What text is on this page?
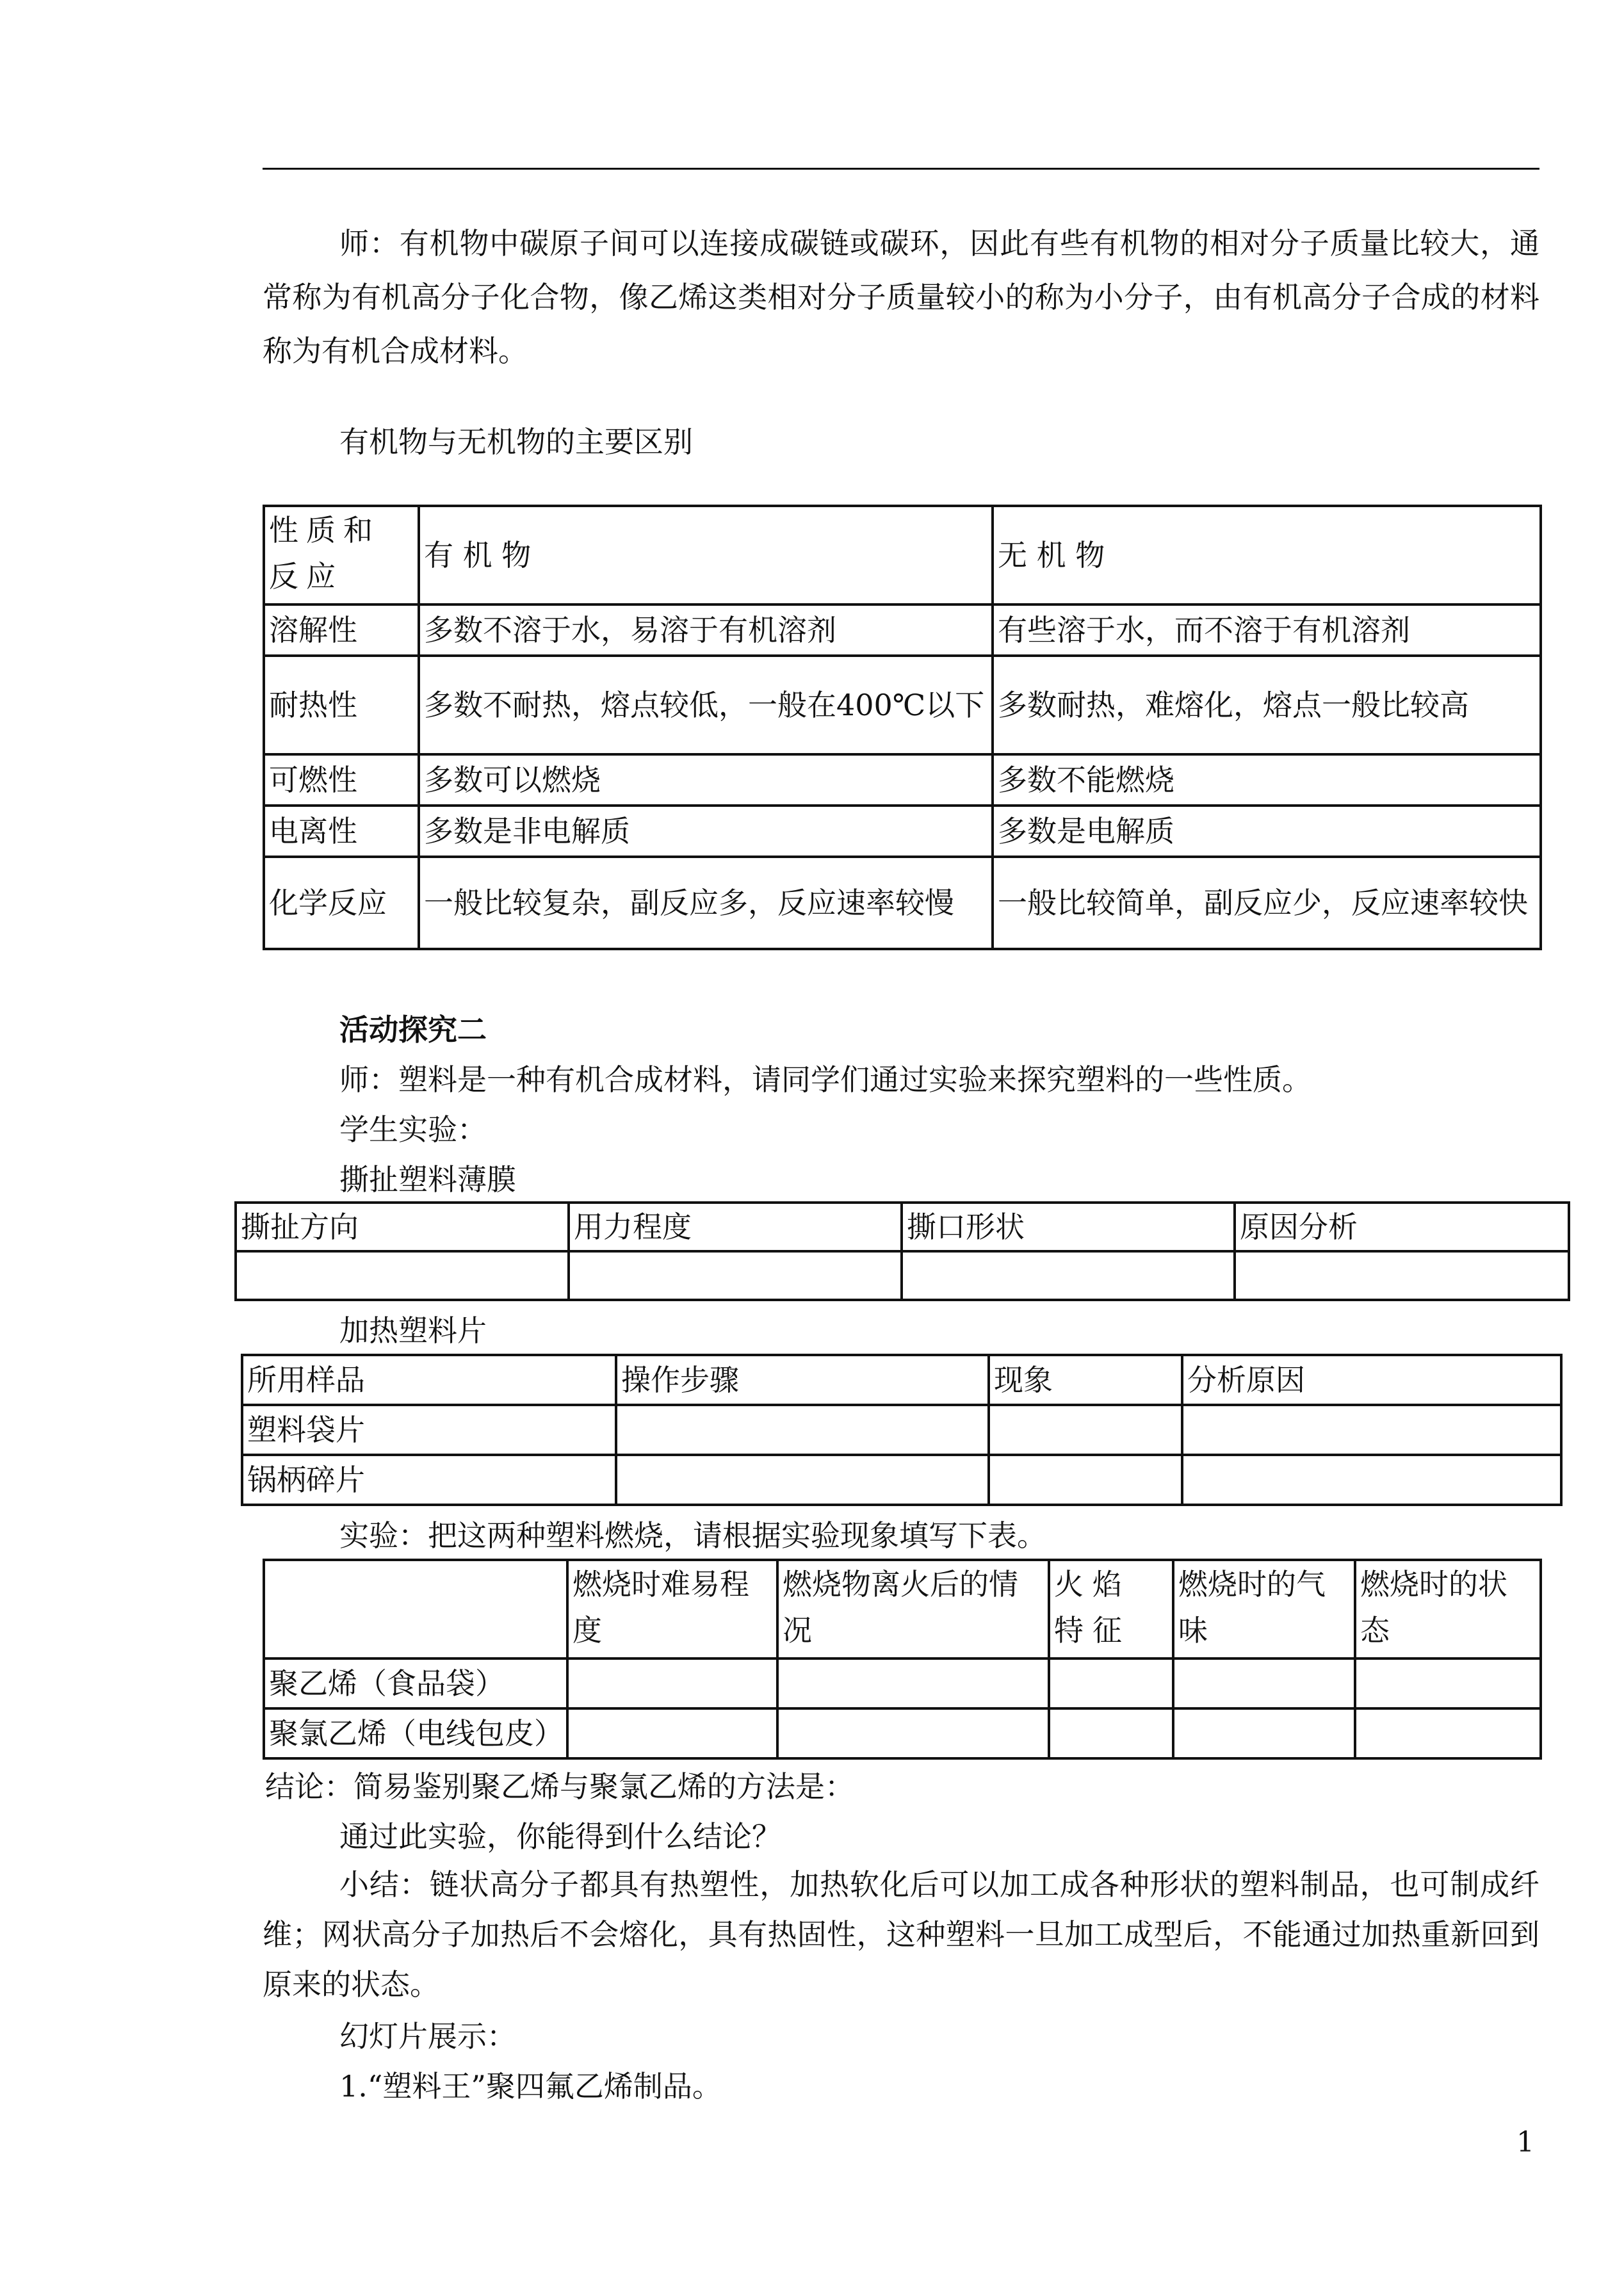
师：有机物中碳原子间可以连接成碳链或碳环，因此有些有机物的相对分子质量比较大，通常称为有机高分子化合物，像乙烯这类相对分子质量较小的称为小分子，由有机高分子合成的材料称为有机合成材料。

有机物与无机物的主要区别

性质和反应	有 机 物	无 机 物
溶解性	多数不溶于水，易溶于有机溶剂	有些溶于水，而不溶于有机溶剂
耐热性	多数不耐热，熔点较低，一般在400℃以下	多数耐热，难熔化，熔点一般比较高
可燃性	多数可以燃烧	多数不能燃烧
电离性	多数是非电解质	多数是电解质
化学反应	一般比较复杂，副反应多，反应速率较慢	一般比较简单，副反应少，反应速率较快

活动探究二

师：塑料是一种有机合成材料，请同学们通过实验来探究塑料的一些性质。

学生实验：

撕扯塑料薄膜

撕扯方向	用力程度	撕口形状	原因分析

加热塑料片

所用样品	操作步骤	现象	分析原因
塑料袋片			
锅柄碎片			

实验：把这两种塑料燃烧，请根据实验现象填写下表。

	燃烧时难易程度	燃烧物离火后的情况	火焰特征	燃烧时的气味	燃烧时的状态
聚乙烯（食品袋）					
聚氯乙烯（电线包皮）					

结论：简易鉴别聚乙烯与聚氯乙烯的方法是：

通过此实验，你能得到什么结论？

小结：链状高分子都具有热塑性，加热软化后可以加工成各种形状的塑料制品，也可制成纤维；网状高分子加热后不会熔化，具有热固性，这种塑料一旦加工成型后，不能通过加热重新回到原来的状态。

幻灯片展示：

1.“塑料王”聚四氟乙烯制品。

1
